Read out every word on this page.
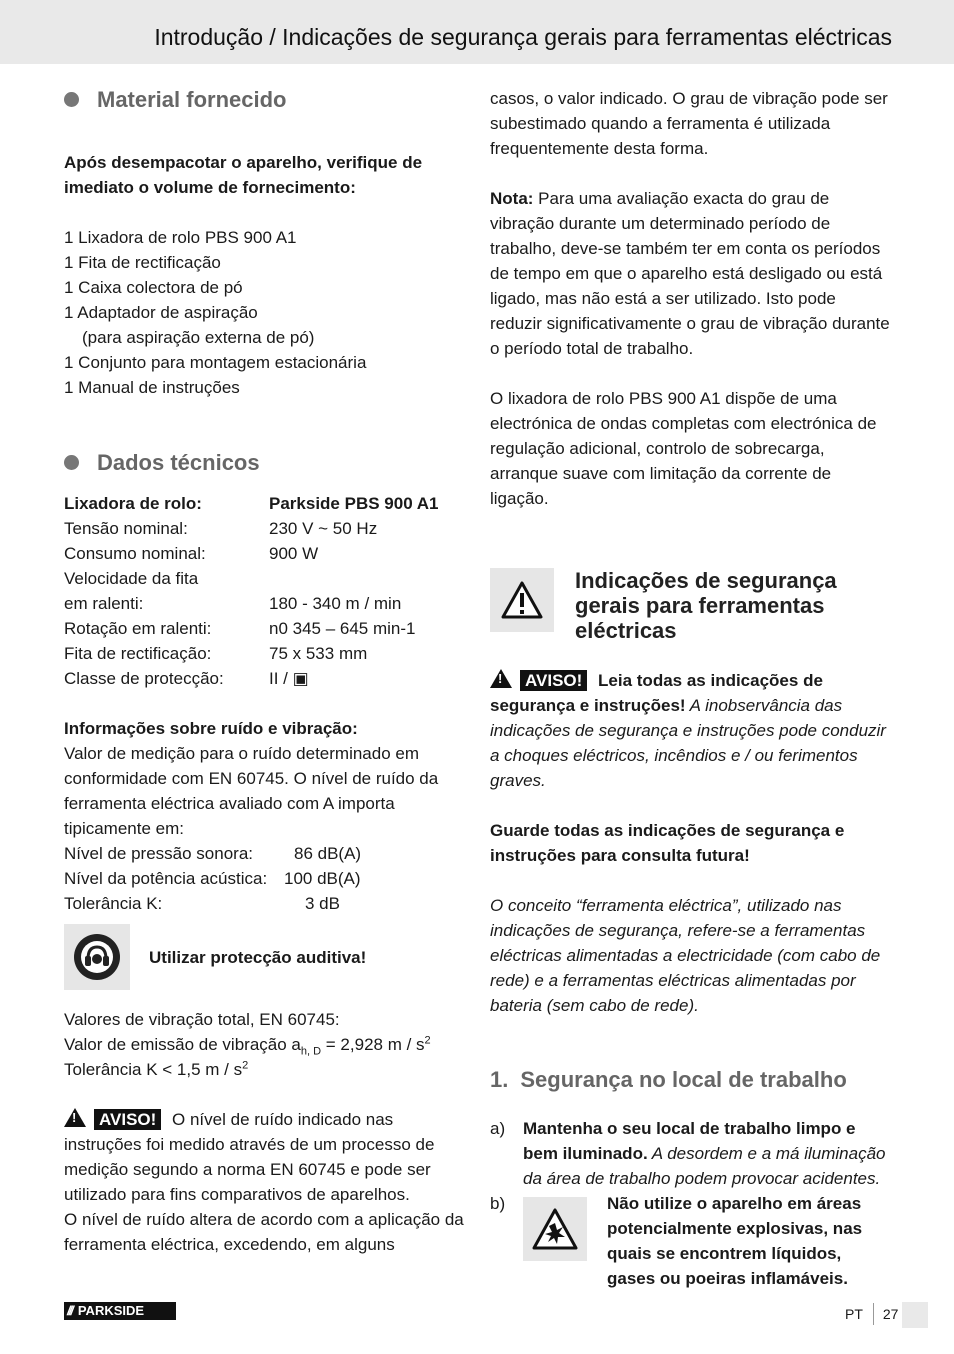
Introdução / Indicações de segurança gerais para ferramentas eléctricas
Material fornecido

Após desempacotar o aparelho, verifique de imediato o volume de fornecimento:

1 Lixadora de rolo PBS 900 A1
1 Fita de rectificação
1 Caixa colectora de pó
1 Adaptador de aspiração
(para aspiração externa de pó)
1 Conjunto para montagem estacionária
1 Manual de instruções
Dados técnicos
Lixadora de rolo:	Parkside PBS 900 A1
Tensão nominal:	230 V ~ 50 Hz
Consumo nominal:	900 W
Velocidade da fita
em ralenti:	180 - 340 m / min
Rotação em ralenti:	n0 345 – 645 min-1
Fita de rectificação:	75 x 533 mm
Classe de protecção:	II / ▣

Informações sobre ruído e vibração:

Valor de medição para o ruído determinado em conformidade com EN 60745. O nível de ruído da ferramenta eléctrica avaliado com A importa tipicamente em:

Nível de pressão sonora: 86 dB(A)
Nível da potência acústica: 100 dB(A)
Tolerância K:	3 dB
Utilizar protecção auditiva!

Valores de vibração total, EN 60745:

Valor de emissão de vibração $a_{h, D} = 2,928$ m / $s^2$

Tolerância K < 1,5 m / $s^2$

!AVISO! O nível de ruído indicado nas instruções foi medido através de um processo de medição segundo a norma EN 60745 e pode ser utilizado para fins comparativos de aparelhos.

O nível de ruído altera de acordo com a aplicação da ferramenta eléctrica, excedendo, em alguns

casos, o valor indicado. O grau de vibração pode ser subestimado quando a ferramenta é utilizada frequentemente desta forma.

Nota: Para uma avaliação exacta do grau de vibração durante um determinado período de trabalho, deve-se também ter em conta os períodos de tempo em que o aparelho está desligado ou está ligado, mas não está a ser utilizado. Isto pode reduzir significativamente o grau de vibração durante o período total de trabalho.

O lixadora de rolo PBS 900 A1 dispõe de uma electrónica de ondas completas com electrónica de regulação adicional, controlo de sobrecarga, arranque suave com limitação da corrente de ligação.

Indicações de segurança gerais para ferramentas eléctricas

!AVISO! Leia todas as indicações de segurança e instruções! A inobservância das indicações de segurança e instruções pode conduzir a choques eléctricos, incêndios e / ou ferimentos graves.

Guarde todas as indicações de segurança e instruções para consulta futura!

O conceito “ferramenta eléctrica”, utilizado nas indicações de segurança, refere-se a ferramentas eléctricas alimentadas a electricidade (com cabo de rede) e a ferramentas eléctricas alimentadas por bateria (sem cabo de rede).

1. Segurança no local de trabalho
a) Mantenha o seu local de trabalho limpo e bem iluminado. A desordem e a má iluminação da área de trabalho podem provocar acidentes.
b)	Não utilize o aparelho em áreas potencialmente explosivas, nas quais se encontrem líquidos, gases ou poeiras inflamáveis.
/// PARKSIDE	PT 27
